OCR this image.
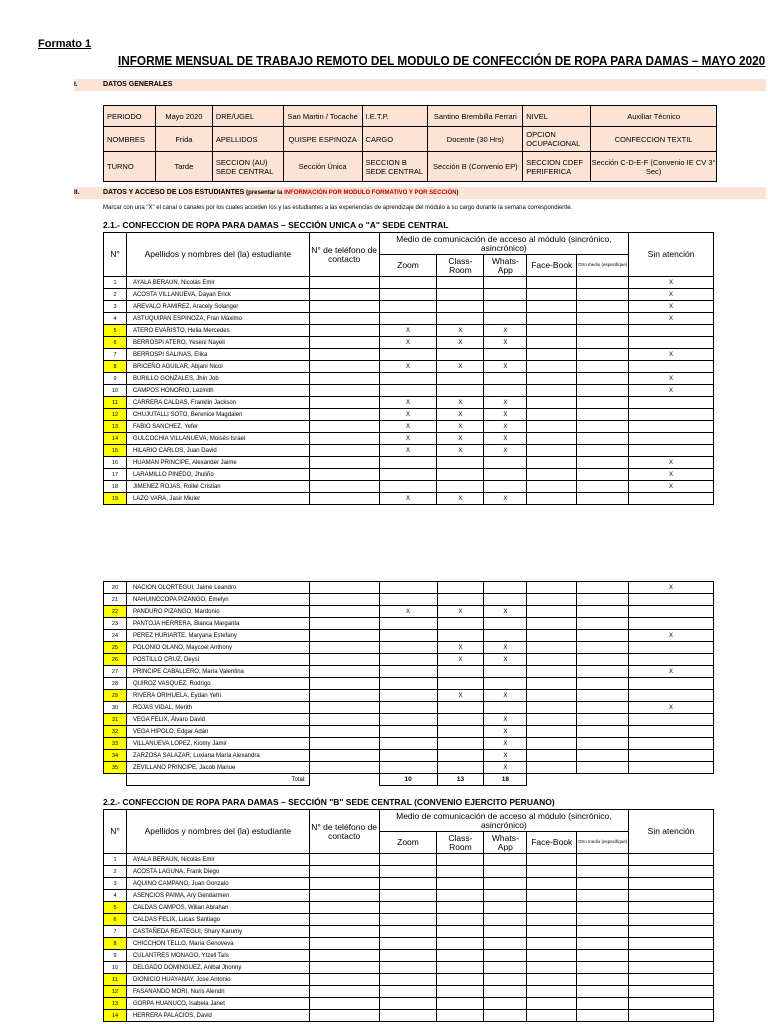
Formato 1
INFORME MENSUAL DE TRABAJO REMOTO DEL MODULO DE CONFECCIÓN DE ROPA PARA DAMAS – MAYO 2020
I.	DATOS GENERALES
PERIODO	Mayo 2020	DRE/UGEL	San Martin / Tocache	I.E.T.P.	Santino Brembilla Ferrari	NIVEL	Auxiliar Técnico
NOMBRES	Frida	APELLIDOS	QUISPE ESPINOZA	CARGO	Docente (30 Hrs)	OPCION OCUPACIONAL	CONFECCION TEXTIL
TURNO	Tarde	SECCION (AU) SEDE CENTRAL	Sección Única	SECCION B SEDE CENTRAL	Sección B (Convenio EP)	SECCION CDEF PERIFERICA	Sección C-D-E-F (Convenio IE CV 3° Sec)
II.	DATOS Y ACCESO DE LOS ESTUDIANTES (presentar la INFORMACIÓN POR MODULO FORMATIVO Y POR SECCIÓN)
Marcar con una "X" el canal o canales por los cuales acceden los y las estudiantes a las experiencias de aprendizaje del módulo a su cargo durante la semana correspondiente.
2.1.- CONFECCION DE ROPA PARA DAMAS – SECCIÓN UNICA o "A" SEDE CENTRAL
N°	Apellidos y nombres del (la) estudiante	N° de teléfono de contacto	Medio de comunicación de acceso al módulo (sincrónico, asincrónico)					Sin atención
			Zoom	Class-Room	Whats-App	Face-Book	Otro medio (especifique)	
1	AYALA BERAUN, Nicolás Emir							X
2	ACOSTA VILLANUEVA, Dayan Erick							X
3	AREVALO RAMIREZ, Aracely Solanger							X
4	ASTUQUIPAN ESPINOZA, Fran Máximo							X
5	ATERO EVARISTO, Helia Mercedes		X	X	X			
6	BERROSPI ATERO, Yeseni Nayeli		X	X	X			
7	BERROSPI SALINAS, Elika							X
8	BRICEÑO AGUILAR, Abjani Nicol		X	X	X			
9	BURILLO GONZALES, Jhin Job							X
10	CAMPOS HONORIO, Lezmith							X
11	CARRERA CALDAS, Franklin Jackson		X	X	X			
12	CHUJUTALLI SOTO, Berenice Magdalen		X	X	X			
13	FABIO SANCHEZ, Yefer		X	X	X			
14	GULCOCHIA VILLANUEVA, Moisés Israel		X	X	X			
15	HILARIO CARLOS, Juan David		X	X	X			
16	HUAMAN PRINCIPE, Alexander Jaime							X
17	LARAMILLO PINEDO, Jhuliño							X
18	JIMENEZ ROJAS, Rollel Cristian							X
19	LAZO VARA, Jasir Miuler		X	X	X			
20	NACION OLORTEGUI, Jaime Leandro							X
21	NAHUINCCOPA PIZANGO, Emelyn							
22	PANDURO PIZANGO, Mardonio		X	X	X			
23	PANTOJA HERRERA, Blanca Margarita							
24	PEREZ HURIARTE, Maryana Estefany							X
25	POLONIO OLANO, Maycoel Anthony			X	X			
26	POSTILLO CRUZ, Deysi			X	X			
27	PRINCIPE CABALLERO, María Valentina							X
28	QUIROZ VASQUEZ, Rodrigo							
29	RIVERA ORIHUELA, Eydan Yefri			X	X			
30	ROJAS VIDAL, Merith							X
31	VEGA FELIX, Álvaro David				X			
32	VEGA HIPOLO, Edgar Adán				X			
33	VILLANUEVA LOPEZ, Kiomy Jamir				X			
34	ZARZOSA SALAZAR, Luxiana María Alexandra				X			
35	ZEVILLANO PRINCIPE, Jacob Manue				X			
	Total:		10	13	18			
2.2.- CONFECCION DE ROPA PARA DAMAS – SECCIÓN "B" SEDE CENTRAL (CONVENIO EJERCITO PERUANO)
N°	Apellidos y nombres del (la) estudiante	N° de teléfono de contacto	Medio de comunicación de acceso al módulo (sincrónico, asincrónico)					Sin atención
			Zoom	Class-Room	Whats-App	Face-Book	Otro medio (especifique)	
1	AYALA BERAUN, Nicolás Emir							
2	ACOSTA LAGUNA, Frank Diego							
3	AQUINO CAMPANO, Juan Gonzalo							
4	ASENCIOS PAIMA, Ary Gendarmen							
5	CALDAS CAMPOS, Wilian Abrahan							
6	CALDAS FELIX, Lucas Santiago							
7	CASTAÑEDA REATEGUI, Shary Karumy							
8	CHICCHON TELLO, María Genoveva							
9	CULANTRES MONAGO, Ytzell Taís							
10	DELGADO DOMINGUEZ, Anibal Jhonny							
11	DIONICIO HUAYANAY, Jose Antonio							
12	FASANANDO MORI, Nuris Alendri							
13	GORPA HUANUCO, Isabela Janet							
14	HERRERA PALACIOS, David							
